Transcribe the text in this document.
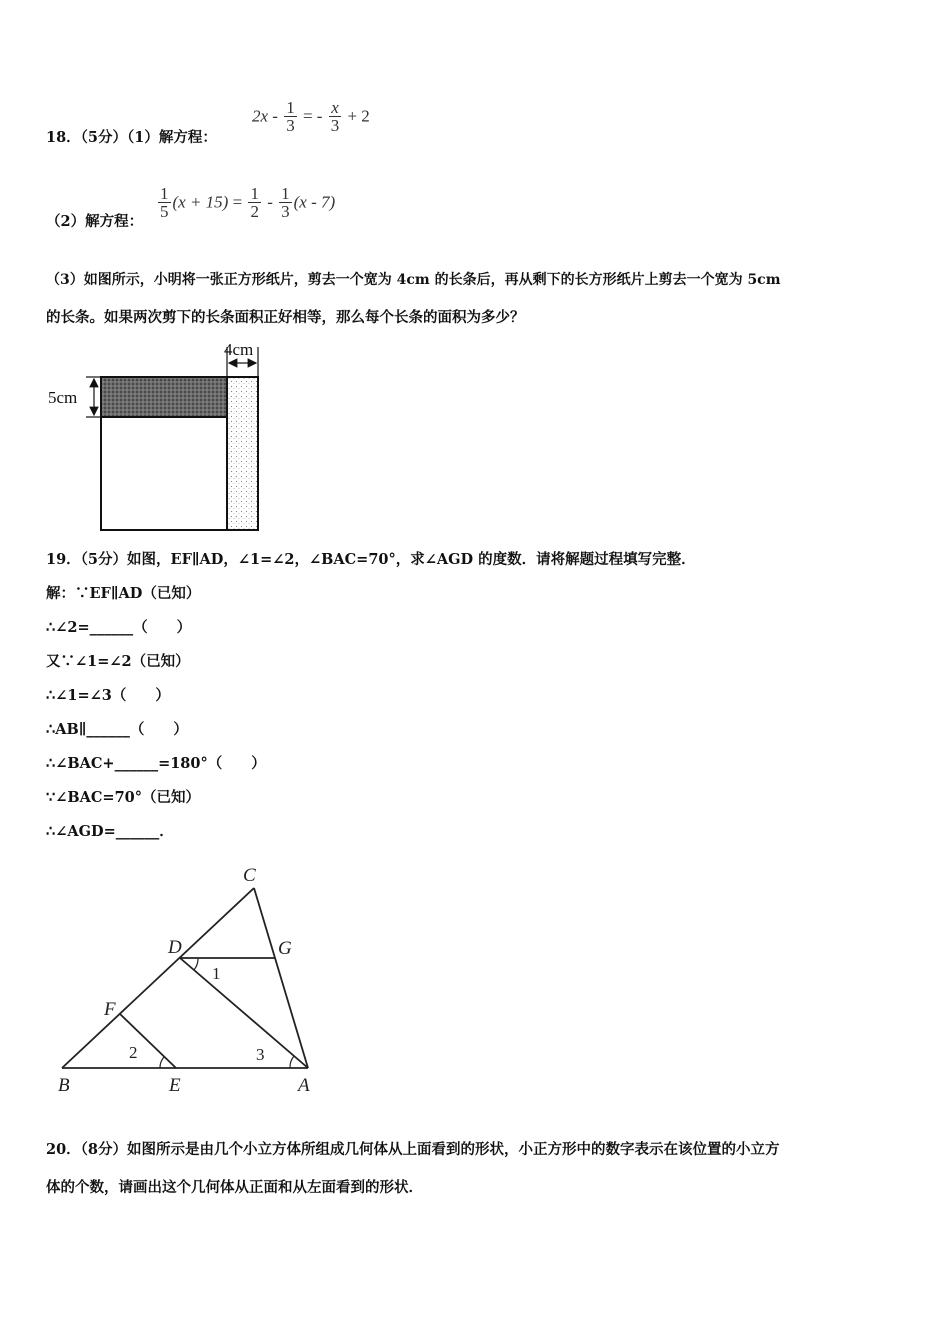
18．（5分）（1）解方程：
$2x - \frac{1}{3}$ = - $\frac{x}{3} + 2$
（2）解方程：
$\frac{1}{5} (x + 15) = \frac{1}{2} - \frac{1}{3} (x - 7)$
（3）如图所示，小明将一张正方形纸片，剪去一个宽为 4cm 的长条后，再从剩下的长方形纸片上剪去一个宽为 5cm
的长条。如果两次剪下的长条面积正好相等，那么每个长条的面积为多少？
4cm
5cm
19．（5分）如图，EF∥AD，∠1=∠2，∠BAC=70°，求∠AGD 的度数．请将解题过程填写完整．
解：∵EF∥AD（已知）
∴∠2=______（　　）
又∵∠1=∠2（已知）
∴∠1=∠3（　　）
∴AB∥______（　　）
∴∠BAC+______=180°（　　）
∵∠BAC=70°（已知）
∴∠AGD=______．
C
D	G
F
B	E	A
1
2	3
20．（8分）如图所示是由几个小立方体所组成几何体从上面看到的形状，小正方形中的数字表示在该位置的小立方
体的个数，请画出这个几何体从正面和从左面看到的形状．
